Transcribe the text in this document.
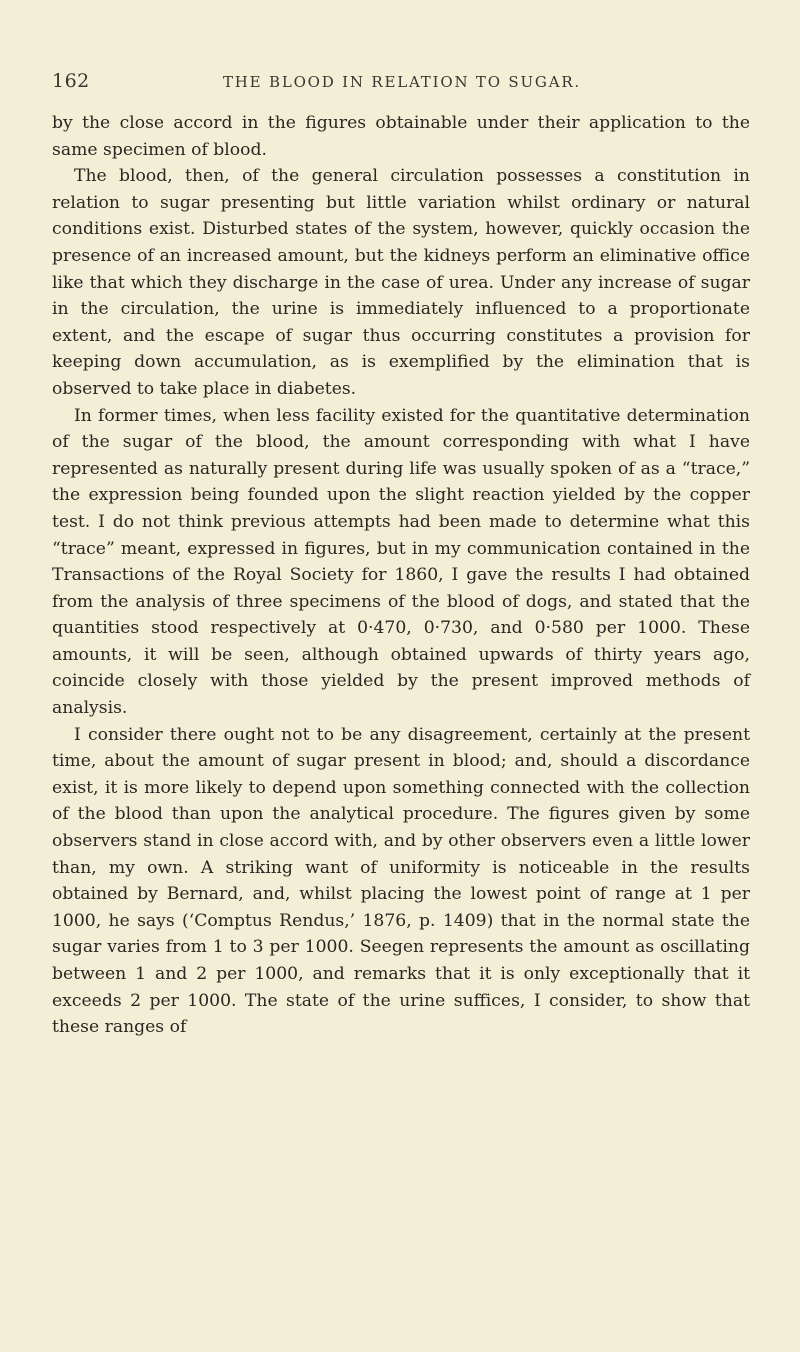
162	THE BLOOD IN RELATION TO SUGAR.

by the close accord in the figures obtainable under their application to the same specimen of blood.

The blood, then, of the general circulation possesses a constitution in relation to sugar presenting but little variation whilst ordinary or natural conditions exist. Disturbed states of the system, however, quickly occasion the presence of an increased amount, but the kidneys perform an eliminative office like that which they discharge in the case of urea. Under any increase of sugar in the circulation, the urine is immediately influenced to a proportionate extent, and the escape of sugar thus occurring constitutes a provision for keeping down accumulation, as is exemplified by the elimination that is observed to take place in diabetes.

In former times, when less facility existed for the quantitative determination of the sugar of the blood, the amount corresponding with what I have represented as naturally present during life was usually spoken of as a “trace,” the expression being founded upon the slight reaction yielded by the copper test. I do not think previous attempts had been made to determine what this “trace” meant, expressed in figures, but in my communication contained in the Transactions of the Royal Society for 1860, I gave the results I had obtained from the analysis of three specimens of the blood of dogs, and stated that the quantities stood respectively at 0·470, 0·730, and 0·580 per 1000. These amounts, it will be seen, although obtained upwards of thirty years ago, coincide closely with those yielded by the present improved methods of analysis.

I consider there ought not to be any disagreement, certainly at the present time, about the amount of sugar present in blood; and, should a discordance exist, it is more likely to depend upon something connected with the collection of the blood than upon the analytical procedure. The figures given by some observers stand in close accord with, and by other observers even a little lower than, my own. A striking want of uniformity is noticeable in the results obtained by Bernard, and, whilst placing the lowest point of range at 1 per 1000, he says (‘Comptus Rendus,’ 1876, p. 1409) that in the normal state the sugar varies from 1 to 3 per 1000. Seegen represents the amount as oscillating between 1 and 2 per 1000, and remarks that it is only exceptionally that it exceeds 2 per 1000. The state of the urine suffices, I consider, to show that these ranges of
